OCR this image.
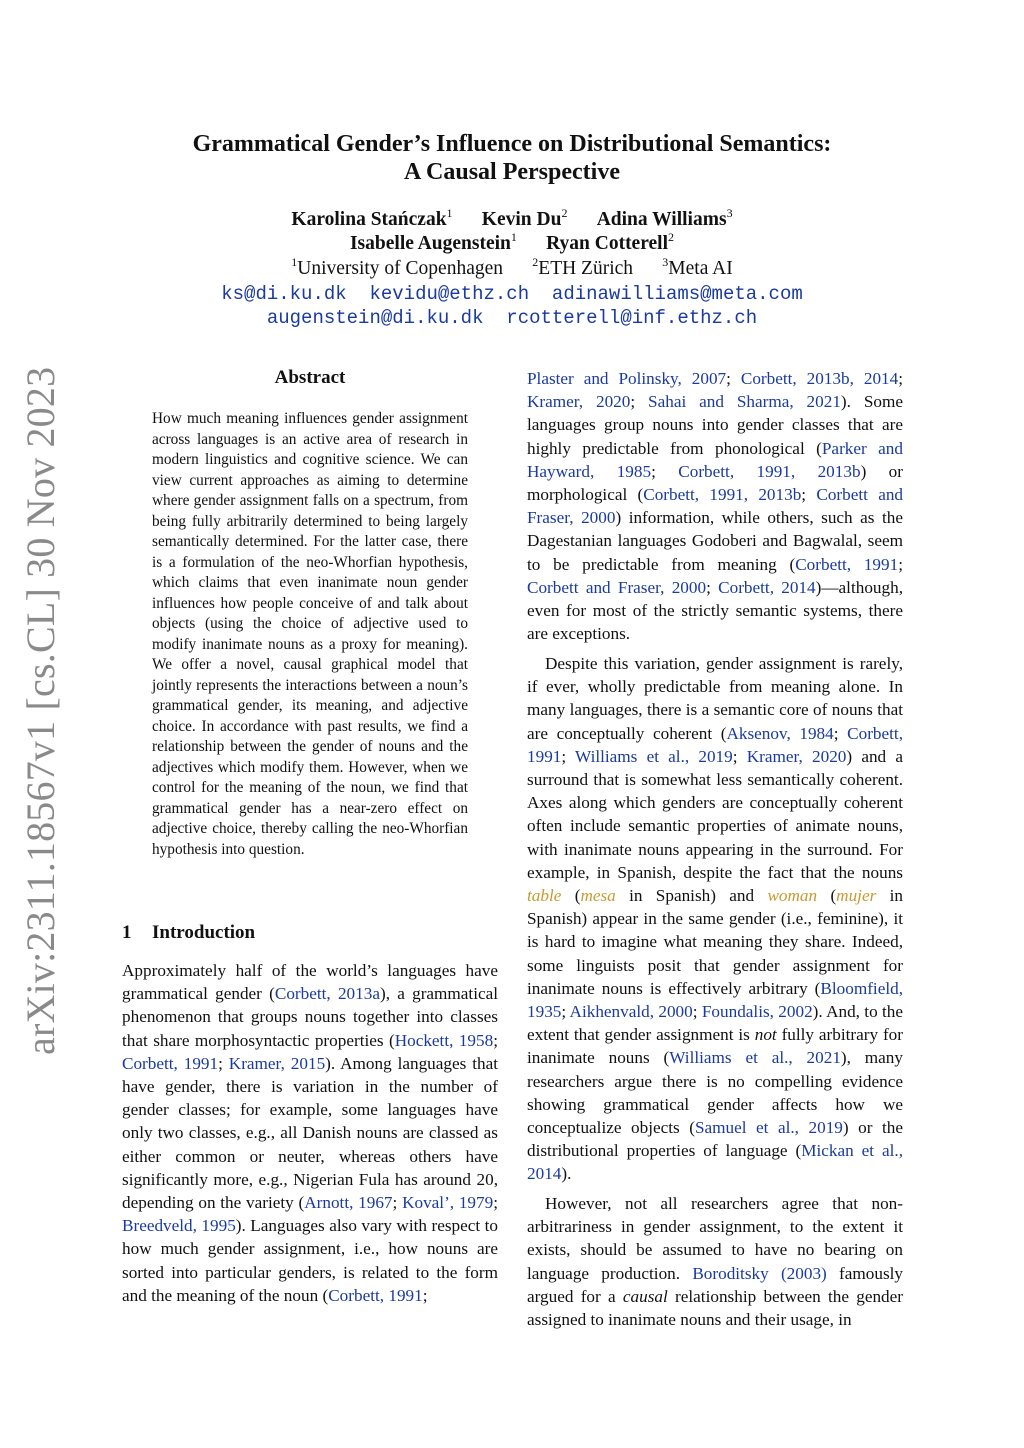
arXiv:2311.18567v1 [cs.CL] 30 Nov 2023
Grammatical Gender’s Influence on Distributional Semantics:
A Causal Perspective
Karolina Stańczak$^1$ Kevin Du$^2$ Adina Williams$^3$
Isabelle Augenstein$^1$ Ryan Cotterell$^2$
$^1$University of Copenhagen $^2$ETH Zürich $^3$Meta AI
ks@di.ku.dk kevidu@ethz.ch adinawilliams@meta.com
augenstein@di.ku.dk rcotterell@inf.ethz.ch
Abstract

How much meaning influences gender assignment across languages is an active area of research in modern linguistics and cognitive science. We can view current approaches as aiming to determine where gender assignment falls on a spectrum, from being fully arbitrarily determined to being largely semantically determined. For the latter case, there is a formulation of the neo-Whorfian hypothesis, which claims that even inanimate noun gender influences how people conceive of and talk about objects (using the choice of adjective used to modify inanimate nouns as a proxy for meaning). We offer a novel, causal graphical model that jointly represents the interactions between a noun’s grammatical gender, its meaning, and adjective choice. In accordance with past results, we find a relationship between the gender of nouns and the adjectives which modify them. However, when we control for the meaning of the noun, we find that grammatical gender has a near-zero effect on adjective choice, thereby calling the neo-Whorfian hypothesis into question.

1 Introduction

Approximately half of the world’s languages have grammatical gender (Corbett, 2013a), a grammatical phenomenon that groups nouns together into classes that share morphosyntactic properties (Hockett, 1958; Corbett, 1991; Kramer, 2015). Among languages that have gender, there is variation in the number of gender classes; for example, some languages have only two classes, e.g., all Danish nouns are classed as either common or neuter, whereas others have significantly more, e.g., Nigerian Fula has around 20, depending on the variety (Arnott, 1967; Koval’, 1979; Breedveld, 1995). Languages also vary with respect to how much gender assignment, i.e., how nouns are sorted into particular genders, is related to the form and the meaning of the noun (Corbett, 1991;

Plaster and Polinsky, 2007; Corbett, 2013b, 2014; Kramer, 2020; Sahai and Sharma, 2021). Some languages group nouns into gender classes that are highly predictable from phonological (Parker and Hayward, 1985; Corbett, 1991, 2013b) or morphological (Corbett, 1991, 2013b; Corbett and Fraser, 2000) information, while others, such as the Dagestanian languages Godoberi and Bagwalal, seem to be predictable from meaning (Corbett, 1991; Corbett and Fraser, 2000; Corbett, 2014)—although, even for most of the strictly semantic systems, there are exceptions.

Despite this variation, gender assignment is rarely, if ever, wholly predictable from meaning alone. In many languages, there is a semantic core of nouns that are conceptually coherent (Aksenov, 1984; Corbett, 1991; Williams et al., 2019; Kramer, 2020) and a surround that is somewhat less semantically coherent. Axes along which genders are conceptually coherent often include semantic properties of animate nouns, with inanimate nouns appearing in the surround. For example, in Spanish, despite the fact that the nouns table (mesa in Spanish) and woman (mujer in Spanish) appear in the same gender (i.e., feminine), it is hard to imagine what meaning they share. Indeed, some linguists posit that gender assignment for inanimate nouns is effectively arbitrary (Bloomfield, 1935; Aikhenvald, 2000; Foundalis, 2002). And, to the extent that gender assignment is not fully arbitrary for inanimate nouns (Williams et al., 2021), many researchers argue there is no compelling evidence showing grammatical gender affects how we conceptualize objects (Samuel et al., 2019) or the distributional properties of language (Mickan et al., 2014).

However, not all researchers agree that non-arbitrariness in gender assignment, to the extent it exists, should be assumed to have no bearing on language production. Boroditsky (2003) famously argued for a causal relationship between the gender assigned to inanimate nouns and their usage, in
